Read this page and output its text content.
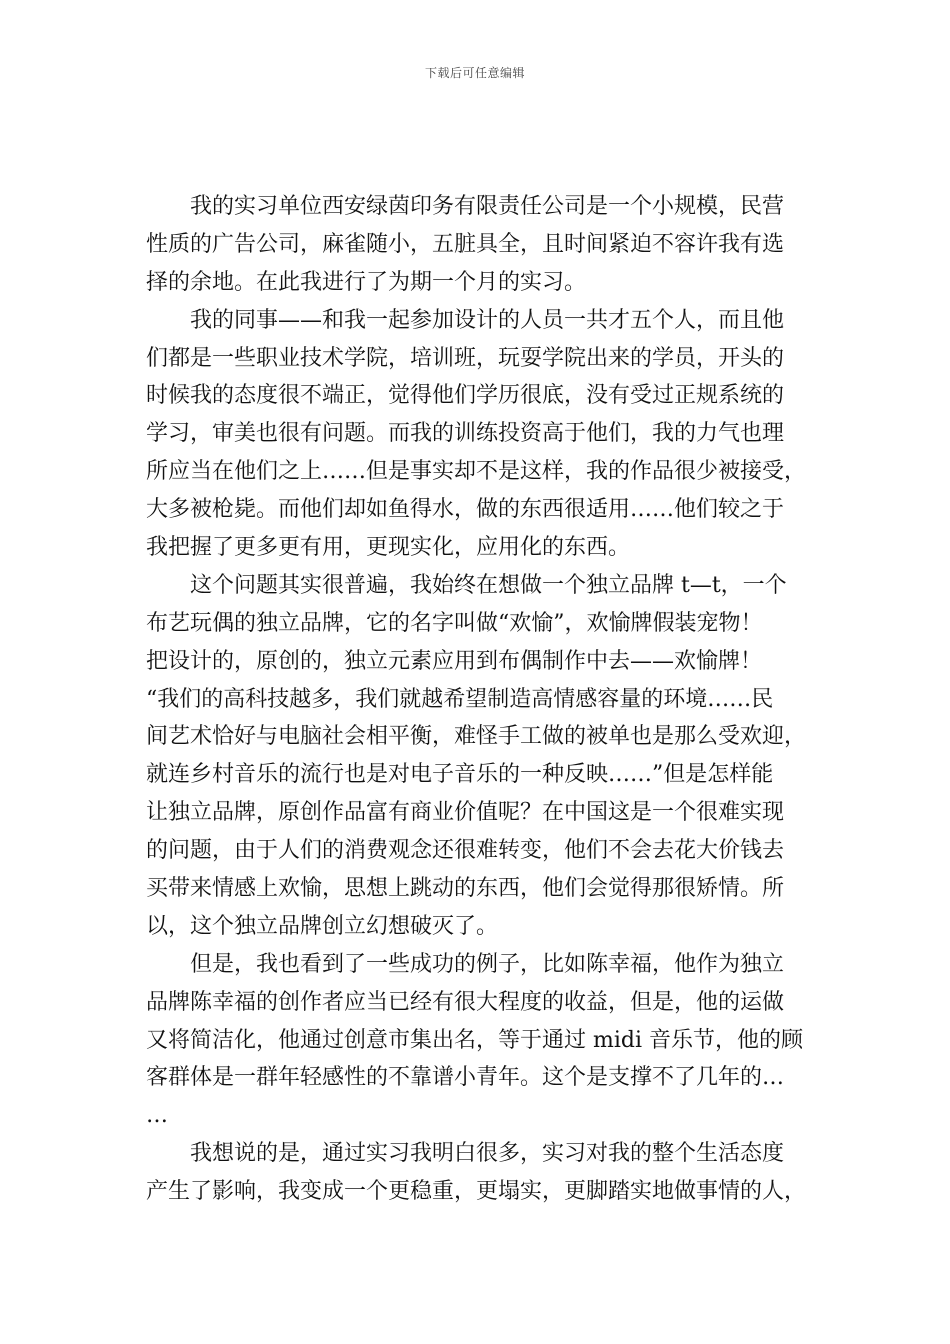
下载后可任意编辑
我的实习单位西安绿茵印务有限责任公司是一个小规模，民营
性质的广告公司，麻雀随小，五脏具全，且时间紧迫不容许我有选
择的余地。在此我进行了为期一个月的实习。
我的同事——和我一起参加设计的人员一共才五个人，而且他
们都是一些职业技术学院，培训班，玩耍学院出来的学员，开头的
时候我的态度很不端正，觉得他们学历很底，没有受过正规系统的
学习，审美也很有问题。而我的训练投资高于他们，我的力气也理
所应当在他们之上……但是事实却不是这样，我的作品很少被接受，
大多被枪毙。而他们却如鱼得水，做的东西很适用……他们较之于
我把握了更多更有用，更现实化，应用化的东西。
这个问题其实很普遍，我始终在想做一个独立品牌 t—t，一个
布艺玩偶的独立品牌，它的名字叫做“欢愉”，欢愉牌假装宠物！
把设计的，原创的，独立元素应用到布偶制作中去——欢愉牌！
“我们的高科技越多，我们就越希望制造高情感容量的环境……民
间艺术恰好与电脑社会相平衡，难怪手工做的被单也是那么受欢迎，
就连乡村音乐的流行也是对电子音乐的一种反映……”但是怎样能
让独立品牌，原创作品富有商业价值呢？在中国这是一个很难实现
的问题，由于人们的消费观念还很难转变，他们不会去花大价钱去
买带来情感上欢愉，思想上跳动的东西，他们会觉得那很矫情。所
以，这个独立品牌创立幻想破灭了。
但是，我也看到了一些成功的例子，比如陈幸福，他作为独立
品牌陈幸福的创作者应当已经有很大程度的收益，但是，他的运做
又将简洁化，他通过创意市集出名，等于通过 midi 音乐节，他的顾
客群体是一群年轻感性的不靠谱小青年。这个是支撑不了几年的…
…
我想说的是，通过实习我明白很多，实习对我的整个生活态度
产生了影响，我变成一个更稳重，更塌实，更脚踏实地做事情的人，
